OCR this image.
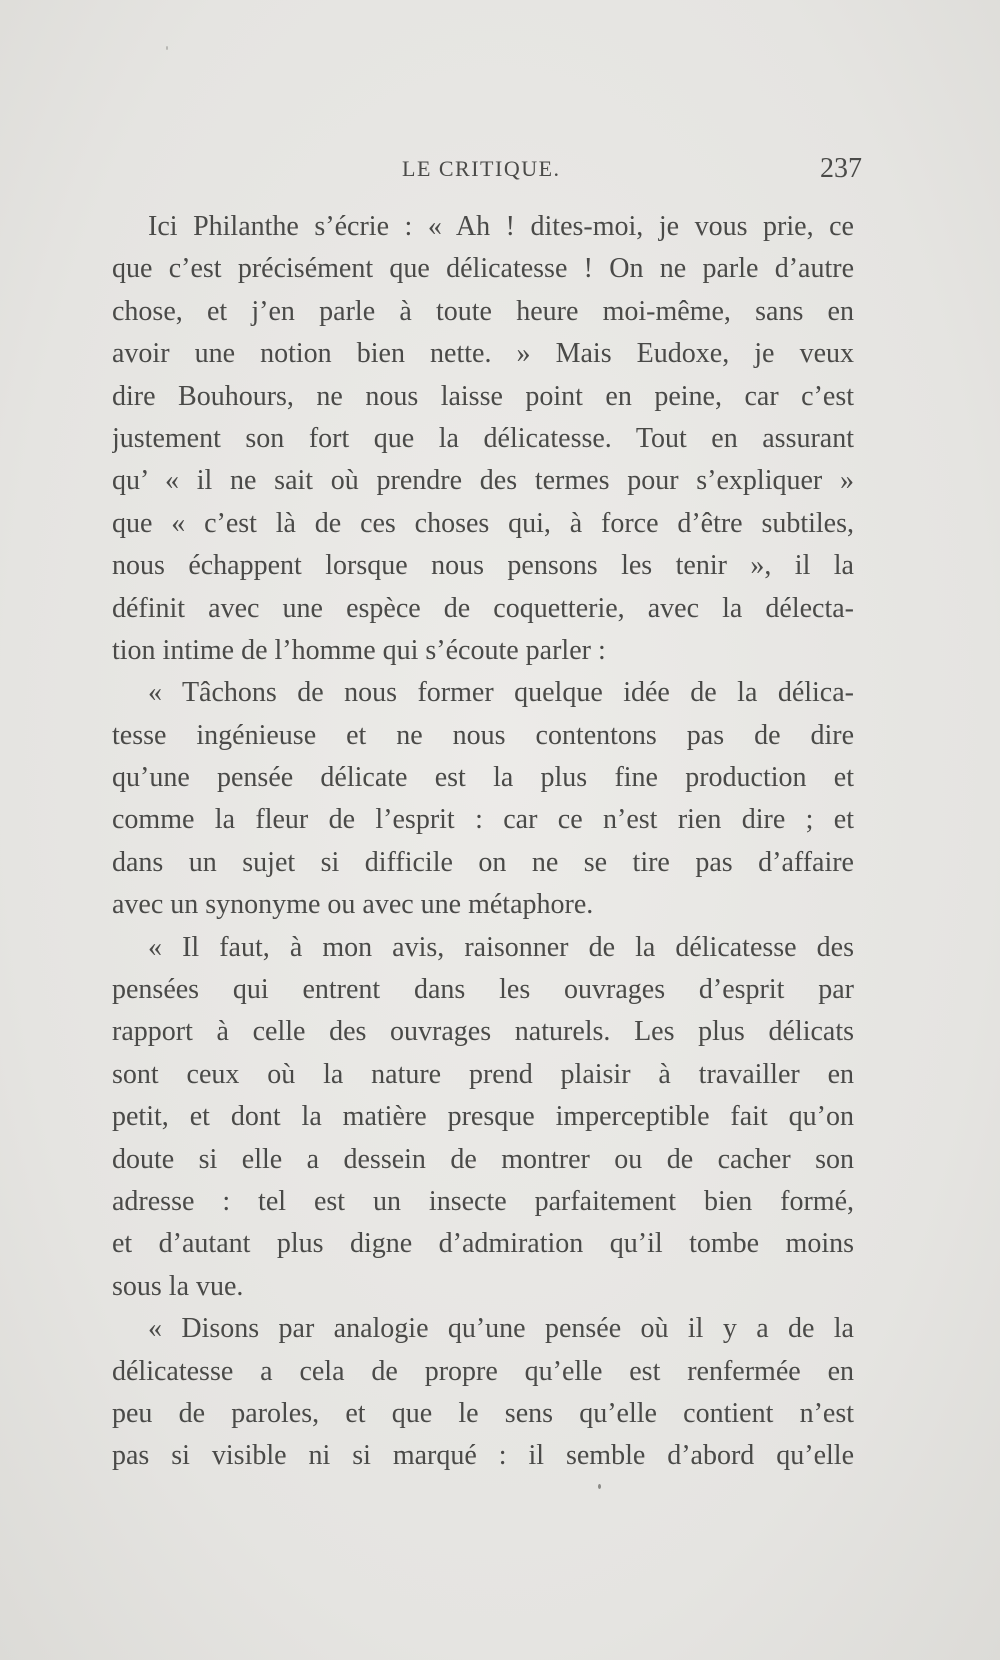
LE CRITIQUE.	237
Ici Philanthe s’écrie : « Ah ! dites-moi, je vous prie, ce
que c’est précisément que délicatesse ! On ne parle d’autre
chose, et j’en parle à toute heure moi-même, sans en
avoir une notion bien nette. » Mais Eudoxe, je veux
dire Bouhours, ne nous laisse point en peine, car c’est
justement son fort que la délicatesse. Tout en assurant
qu’ « il ne sait où prendre des termes pour s’expliquer »
que « c’est là de ces choses qui, à force d’être subtiles,
nous échappent lorsque nous pensons les tenir », il la
définit avec une espèce de coquetterie, avec la délecta-
tion intime de l’homme qui s’écoute parler :
« Tâchons de nous former quelque idée de la délica-
tesse ingénieuse et ne nous contentons pas de dire
qu’une pensée délicate est la plus fine production et
comme la fleur de l’esprit : car ce n’est rien dire ; et
dans un sujet si difficile on ne se tire pas d’affaire
avec un synonyme ou avec une métaphore.
« Il faut, à mon avis, raisonner de la délicatesse des
pensées qui entrent dans les ouvrages d’esprit par
rapport à celle des ouvrages naturels. Les plus délicats
sont ceux où la nature prend plaisir à travailler en
petit, et dont la matière presque imperceptible fait qu’on
doute si elle a dessein de montrer ou de cacher son
adresse : tel est un insecte parfaitement bien formé,
et d’autant plus digne d’admiration qu’il tombe moins
sous la vue.
« Disons par analogie qu’une pensée où il y a de la
délicatesse a cela de propre qu’elle est renfermée en
peu de paroles, et que le sens qu’elle contient n’est
pas si visible ni si marqué : il semble d’abord qu’elle
